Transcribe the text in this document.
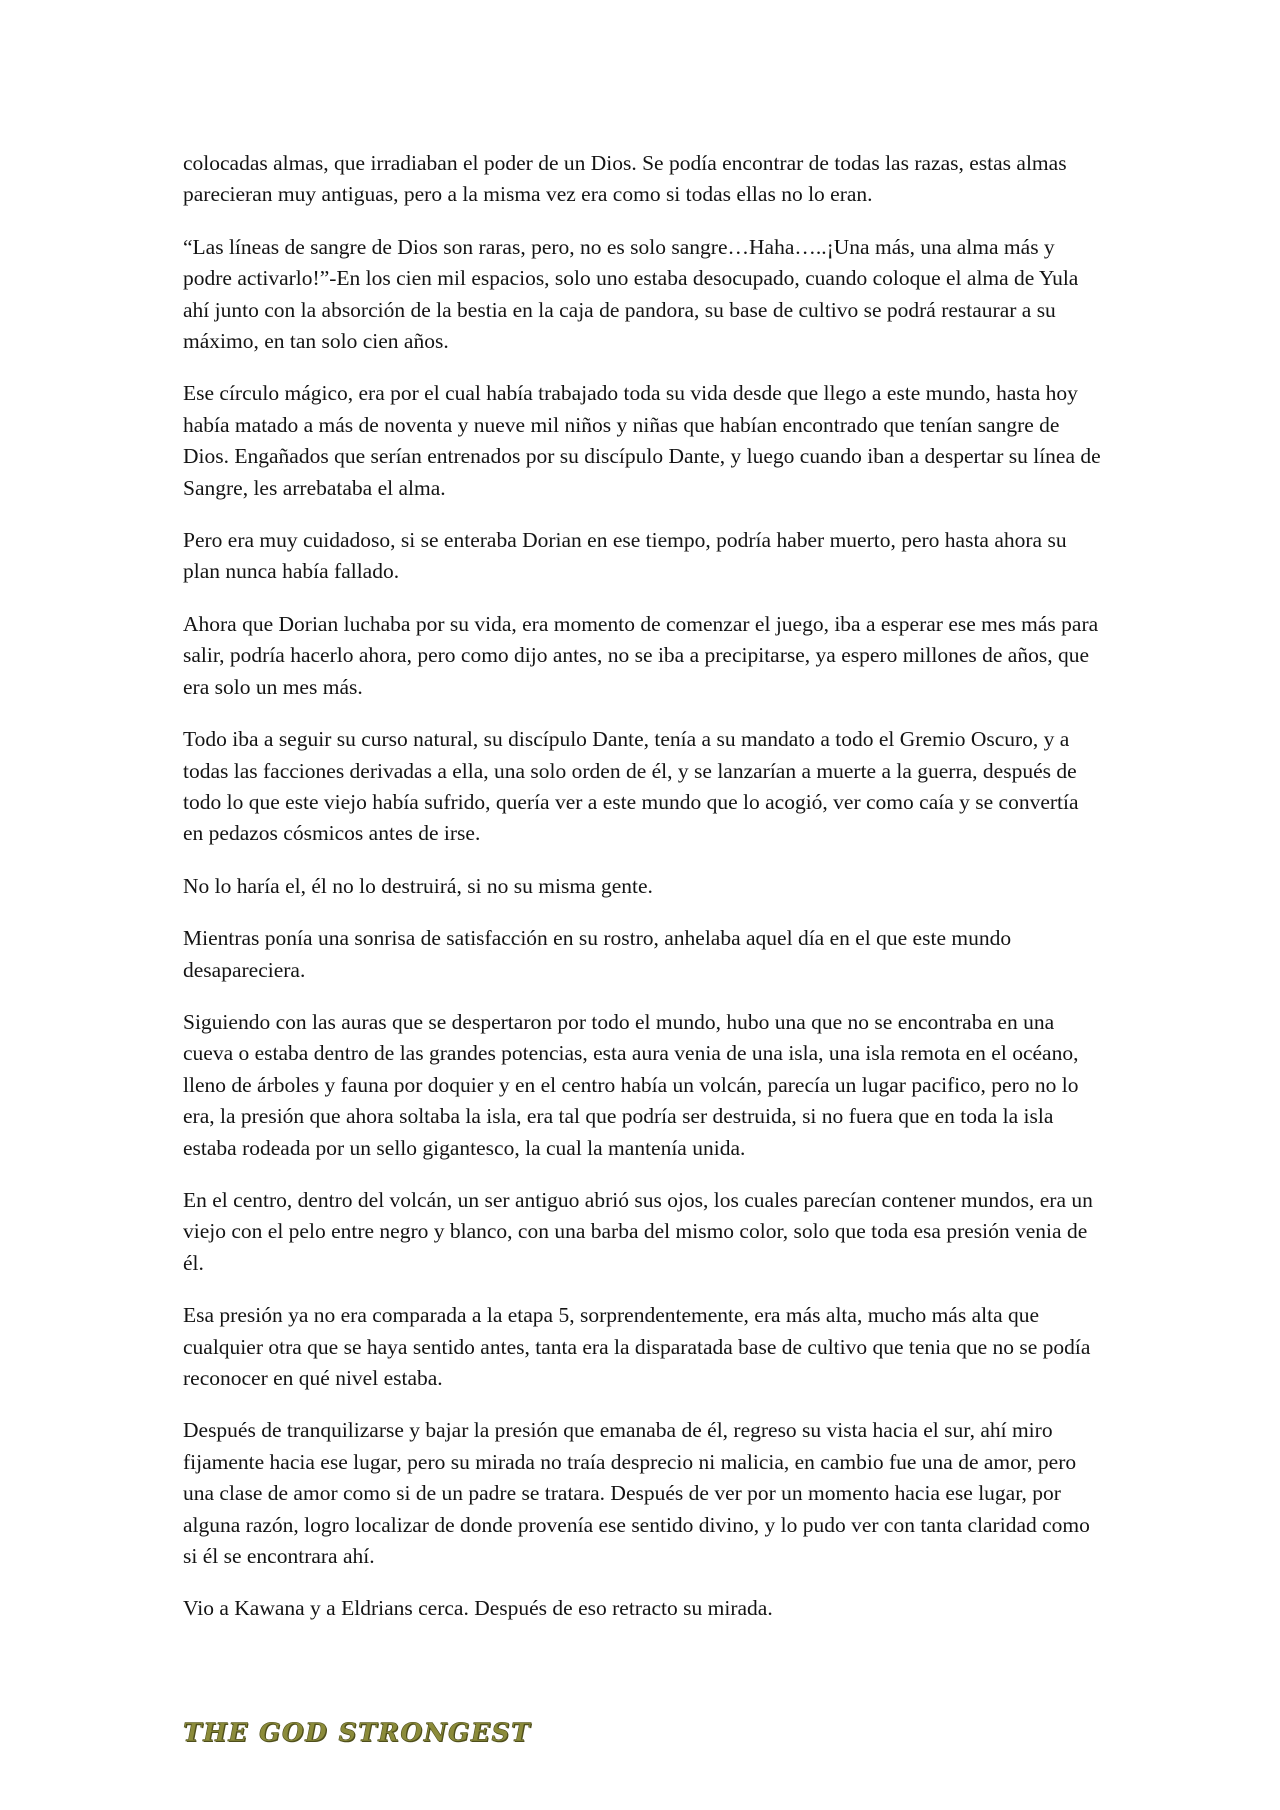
colocadas almas, que irradiaban el poder de un Dios. Se podía encontrar de todas las razas, estas almas parecieran muy antiguas, pero a la misma vez era como si todas ellas no lo eran.

“Las líneas de sangre de Dios son raras, pero, no es solo sangre…Haha…..¡Una más, una alma más y podre activarlo!”-En los cien mil espacios, solo uno estaba desocupado, cuando coloque el alma de Yula ahí junto con la absorción de la bestia en la caja de pandora, su base de cultivo se podrá restaurar a su máximo, en tan solo cien años.

Ese círculo mágico, era por el cual había trabajado toda su vida desde que llego a este mundo, hasta hoy había matado a más de noventa y nueve mil niños y niñas que habían encontrado que tenían sangre de Dios. Engañados que serían entrenados por su discípulo Dante, y luego cuando iban a despertar su línea de Sangre, les arrebataba el alma.

Pero era muy cuidadoso, si se enteraba Dorian en ese tiempo, podría haber muerto, pero hasta ahora su plan nunca había fallado.

Ahora que Dorian luchaba por su vida, era momento de comenzar el juego, iba a esperar ese mes más para salir, podría hacerlo ahora, pero como dijo antes, no se iba a precipitarse, ya espero millones de años, que era solo un mes más.

Todo iba a seguir su curso natural, su discípulo Dante, tenía a su mandato a todo el Gremio Oscuro, y a todas las facciones derivadas a ella, una solo orden de él, y se lanzarían a muerte a la guerra, después de todo lo que este viejo había sufrido, quería ver a este mundo que lo acogió, ver como caía y se convertía en pedazos cósmicos antes de irse.

No lo haría el, él no lo destruirá, si no su misma gente.

Mientras ponía una sonrisa de satisfacción en su rostro, anhelaba aquel día en el que este mundo desapareciera.

Siguiendo con las auras que se despertaron por todo el mundo, hubo una que no se encontraba en una cueva o estaba dentro de las grandes potencias, esta aura venia de una isla, una isla remota en el océano, lleno de árboles y fauna por doquier y en el centro había un volcán, parecía un lugar pacifico, pero no lo era, la presión que ahora soltaba la isla, era tal que podría ser destruida, si no fuera que en toda la isla estaba rodeada por un sello gigantesco, la cual la mantenía unida.

En el centro, dentro del volcán, un ser antiguo abrió sus ojos, los cuales parecían contener mundos, era un viejo con el pelo entre negro y blanco, con una barba del mismo color, solo que toda esa presión venia de él.

Esa presión ya no era comparada a la etapa 5, sorprendentemente, era más alta, mucho más alta que cualquier otra que se haya sentido antes, tanta era la disparatada base de cultivo que tenia que no se podía reconocer en qué nivel estaba.

Después de tranquilizarse y bajar la presión que emanaba de él, regreso su vista hacia el sur, ahí miro fijamente hacia ese lugar, pero su mirada no traía desprecio ni malicia, en cambio fue una de amor, pero una clase de amor como si de un padre se tratara. Después de ver por un momento hacia ese lugar, por alguna razón, logro localizar de donde provenía ese sentido divino, y lo pudo ver con tanta claridad como si él se encontrara ahí.

Vio a Kawana y a Eldrians cerca. Después de eso retracto su mirada.

THE GOD STRONGEST
